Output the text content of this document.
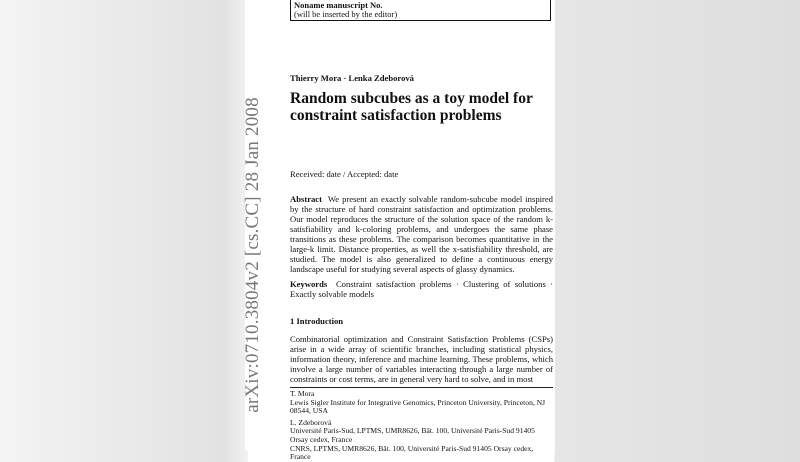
arXiv:0710.3804v2 [cs.CC] 28 Jan 2008
Noname manuscript No.
(will be inserted by the editor)
Thierry Mora · Lenka Zdeborová
Random subcubes as a toy model for constraint satisfaction problems
Received: date / Accepted: date
Abstract We present an exactly solvable random-subcube model inspired by the structure of hard constraint satisfaction and optimization problems. Our model reproduces the structure of the solution space of the random k-satisfiability and k-coloring problems, and undergoes the same phase transitions as these problems. The comparison becomes quantitative in the large-k limit. Distance properties, as well the x-satisfiability threshold, are studied. The model is also generalized to define a continuous energy landscape useful for studying several aspects of glassy dynamics.
Keywords Constraint satisfaction problems · Clustering of solutions · Exactly solvable models
1 Introduction
Combinatorial optimization and Constraint Satisfaction Problems (CSPs) arise in a wide array of scientific branches, including statistical physics, information theory, inference and machine learning. These problems, which involve a large number of variables interacting through a large number of constraints or cost terms, are in general very hard to solve, and in most
T. Mora
Lewis Sigler Institute for Integrative Genomics, Princeton University, Princeton, NJ 08544, USA
L. Zdeborová
Université Paris-Sud, LPTMS, UMR8626, Bât. 100, Université Paris-Sud 91405 Orsay cedex, France
CNRS, LPTMS, UMR8626, Bât. 100, Université Paris-Sud 91405 Orsay cedex, France
